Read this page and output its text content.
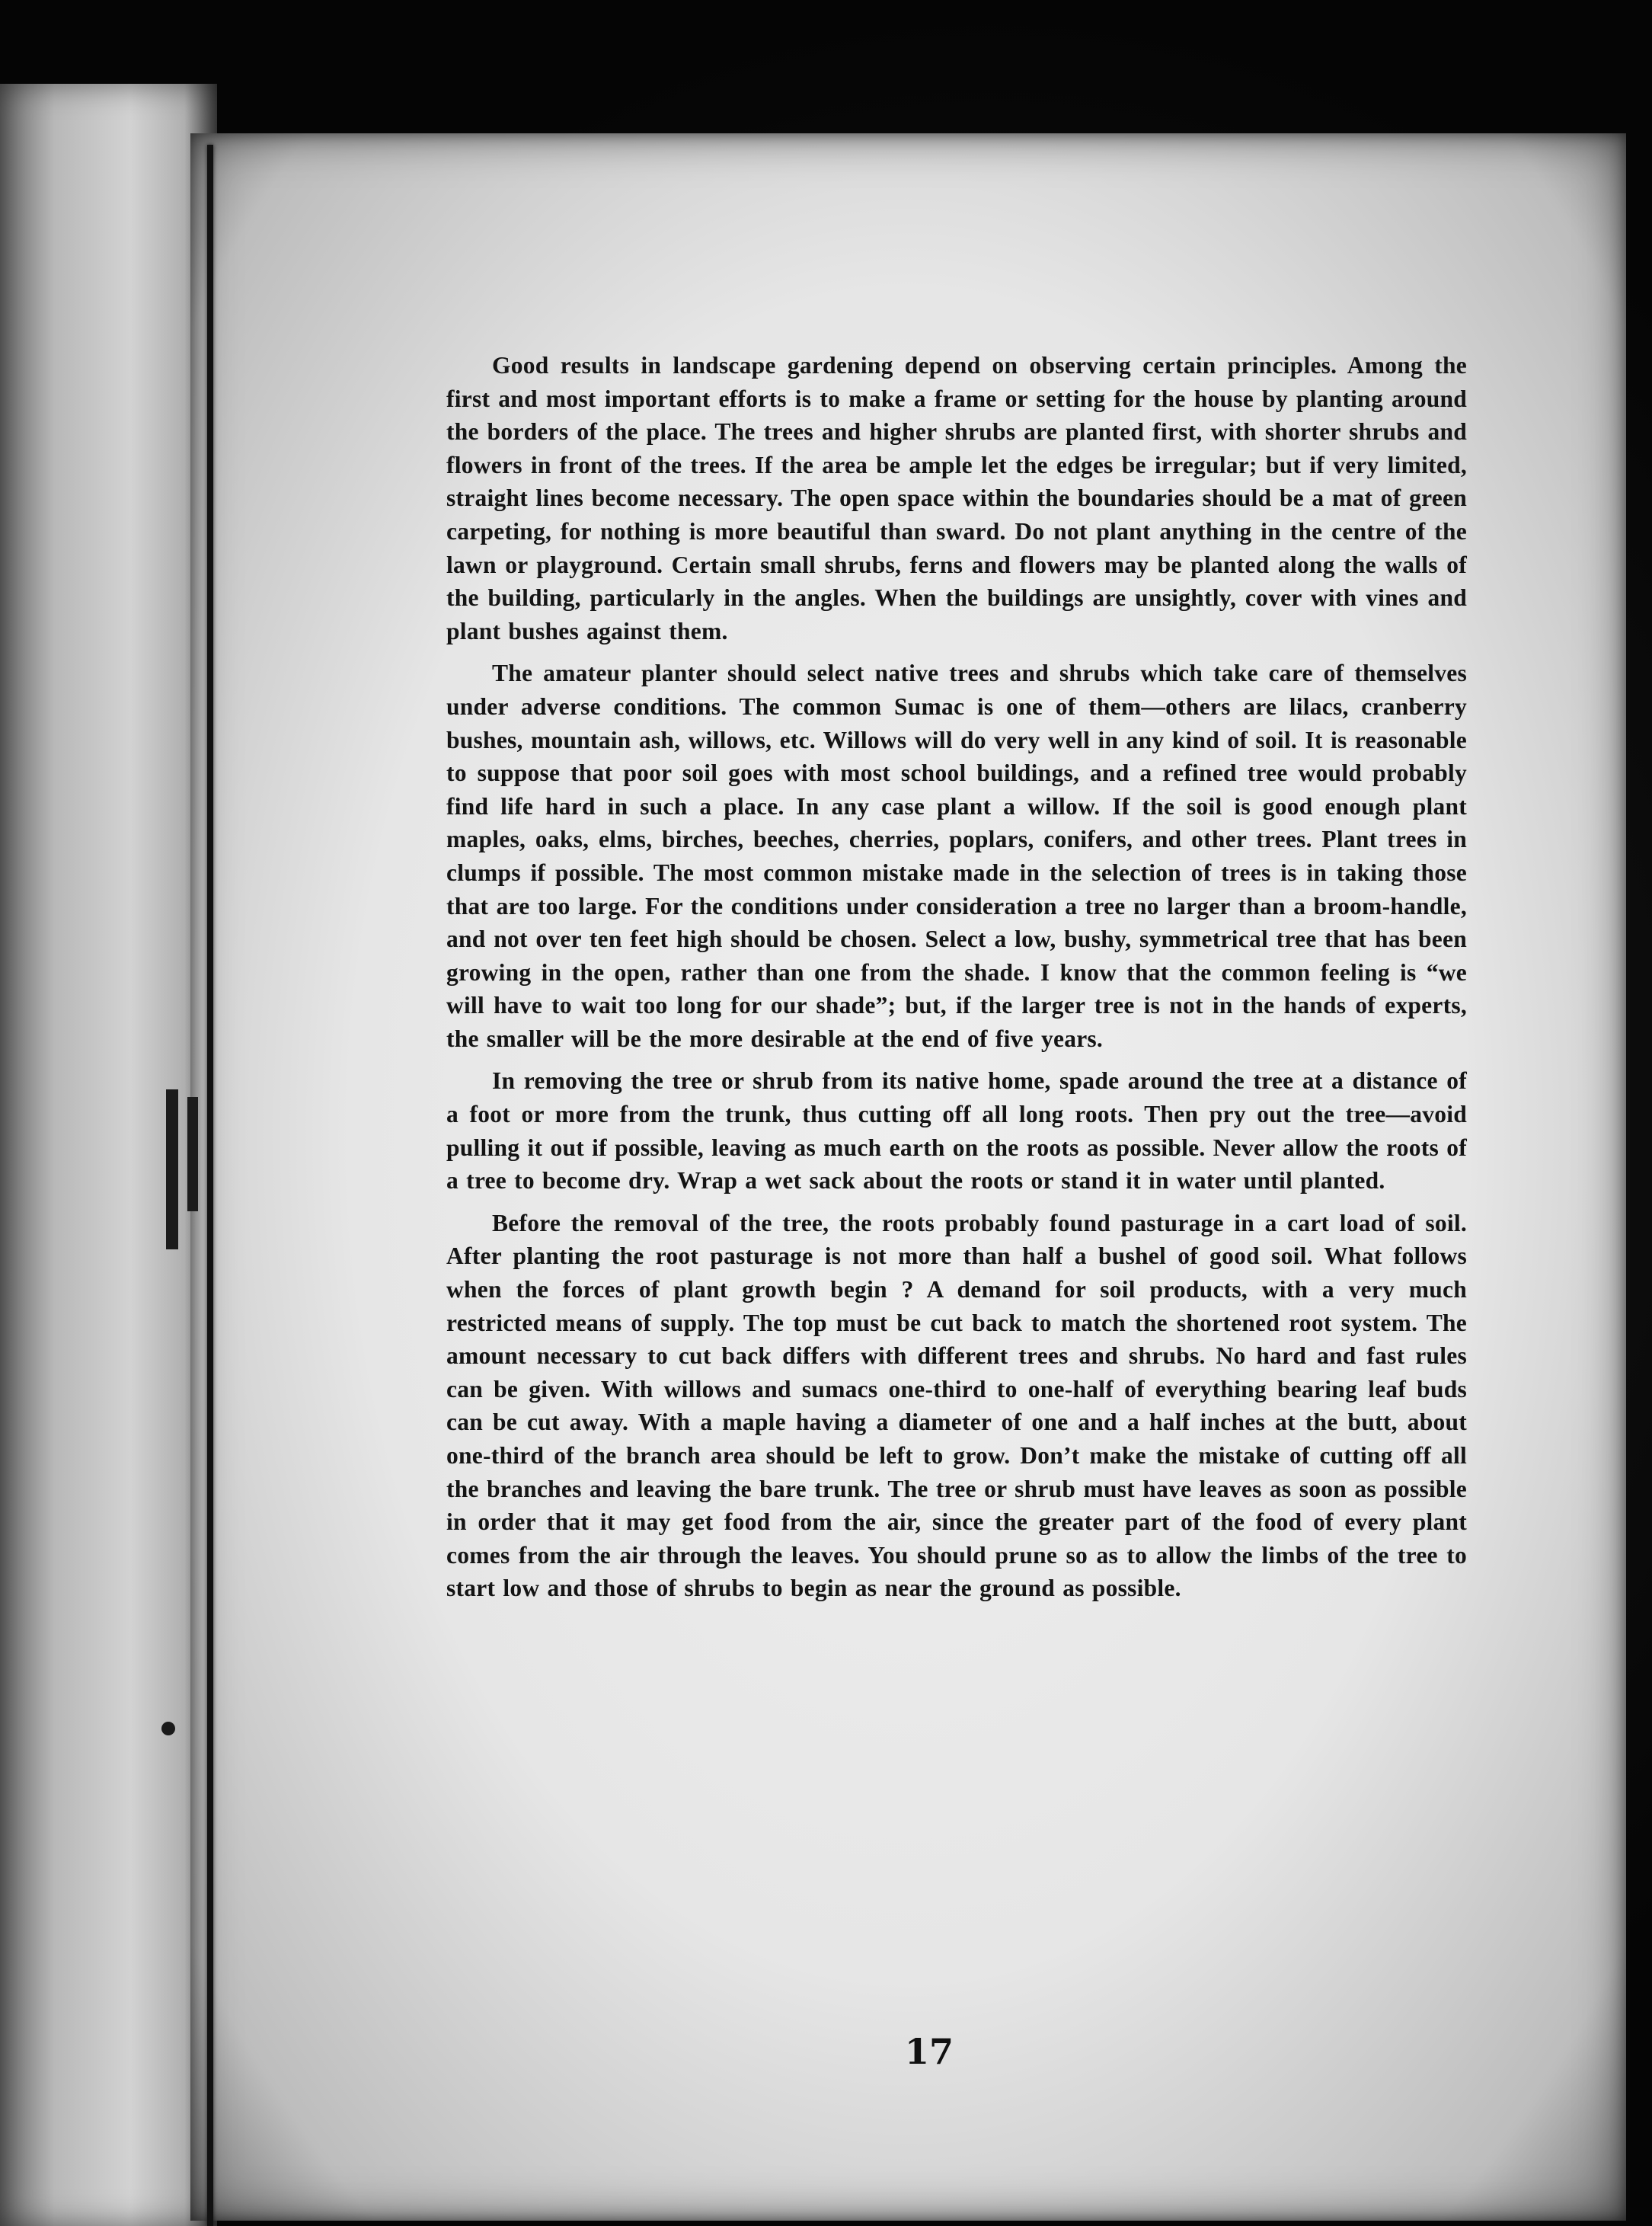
Good results in landscape gardening depend on observing certain principles. Among the first and most important efforts is to make a frame or setting for the house by planting around the borders of the place. The trees and higher shrubs are planted first, with shorter shrubs and flowers in front of the trees. If the area be ample let the edges be irregular; but if very limited, straight lines become necessary. The open space within the boundaries should be a mat of green carpeting, for nothing is more beautiful than sward. Do not plant anything in the centre of the lawn or playground. Certain small shrubs, ferns and flowers may be planted along the walls of the building, particularly in the angles. When the buildings are unsightly, cover with vines and plant bushes against them.

The amateur planter should select native trees and shrubs which take care of themselves under adverse conditions. The common Sumac is one of them—others are lilacs, cranberry bushes, mountain ash, willows, etc. Willows will do very well in any kind of soil. It is reasonable to suppose that poor soil goes with most school buildings, and a refined tree would probably find life hard in such a place. In any case plant a willow. If the soil is good enough plant maples, oaks, elms, birches, beeches, cherries, poplars, conifers, and other trees. Plant trees in clumps if possible. The most common mistake made in the selection of trees is in taking those that are too large. For the conditions under consideration a tree no larger than a broom-handle, and not over ten feet high should be chosen. Select a low, bushy, symmetrical tree that has been growing in the open, rather than one from the shade. I know that the common feeling is “we will have to wait too long for our shade”; but, if the larger tree is not in the hands of experts, the smaller will be the more desirable at the end of five years.

In removing the tree or shrub from its native home, spade around the tree at a distance of a foot or more from the trunk, thus cutting off all long roots. Then pry out the tree—avoid pulling it out if possible, leaving as much earth on the roots as possible. Never allow the roots of a tree to become dry. Wrap a wet sack about the roots or stand it in water until planted.

Before the removal of the tree, the roots probably found pasturage in a cart load of soil. After planting the root pasturage is not more than half a bushel of good soil. What follows when the forces of plant growth begin ? A demand for soil products, with a very much restricted means of supply. The top must be cut back to match the shortened root system. The amount necessary to cut back differs with different trees and shrubs. No hard and fast rules can be given. With willows and sumacs one-third to one-half of everything bearing leaf buds can be cut away. With a maple having a diameter of one and a half inches at the butt, about one-third of the branch area should be left to grow. Don’t make the mistake of cutting off all the branches and leaving the bare trunk. The tree or shrub must have leaves as soon as possible in order that it may get food from the air, since the greater part of the food of every plant comes from the air through the leaves. You should prune so as to allow the limbs of the tree to start low and those of shrubs to begin as near the ground as possible.

17
